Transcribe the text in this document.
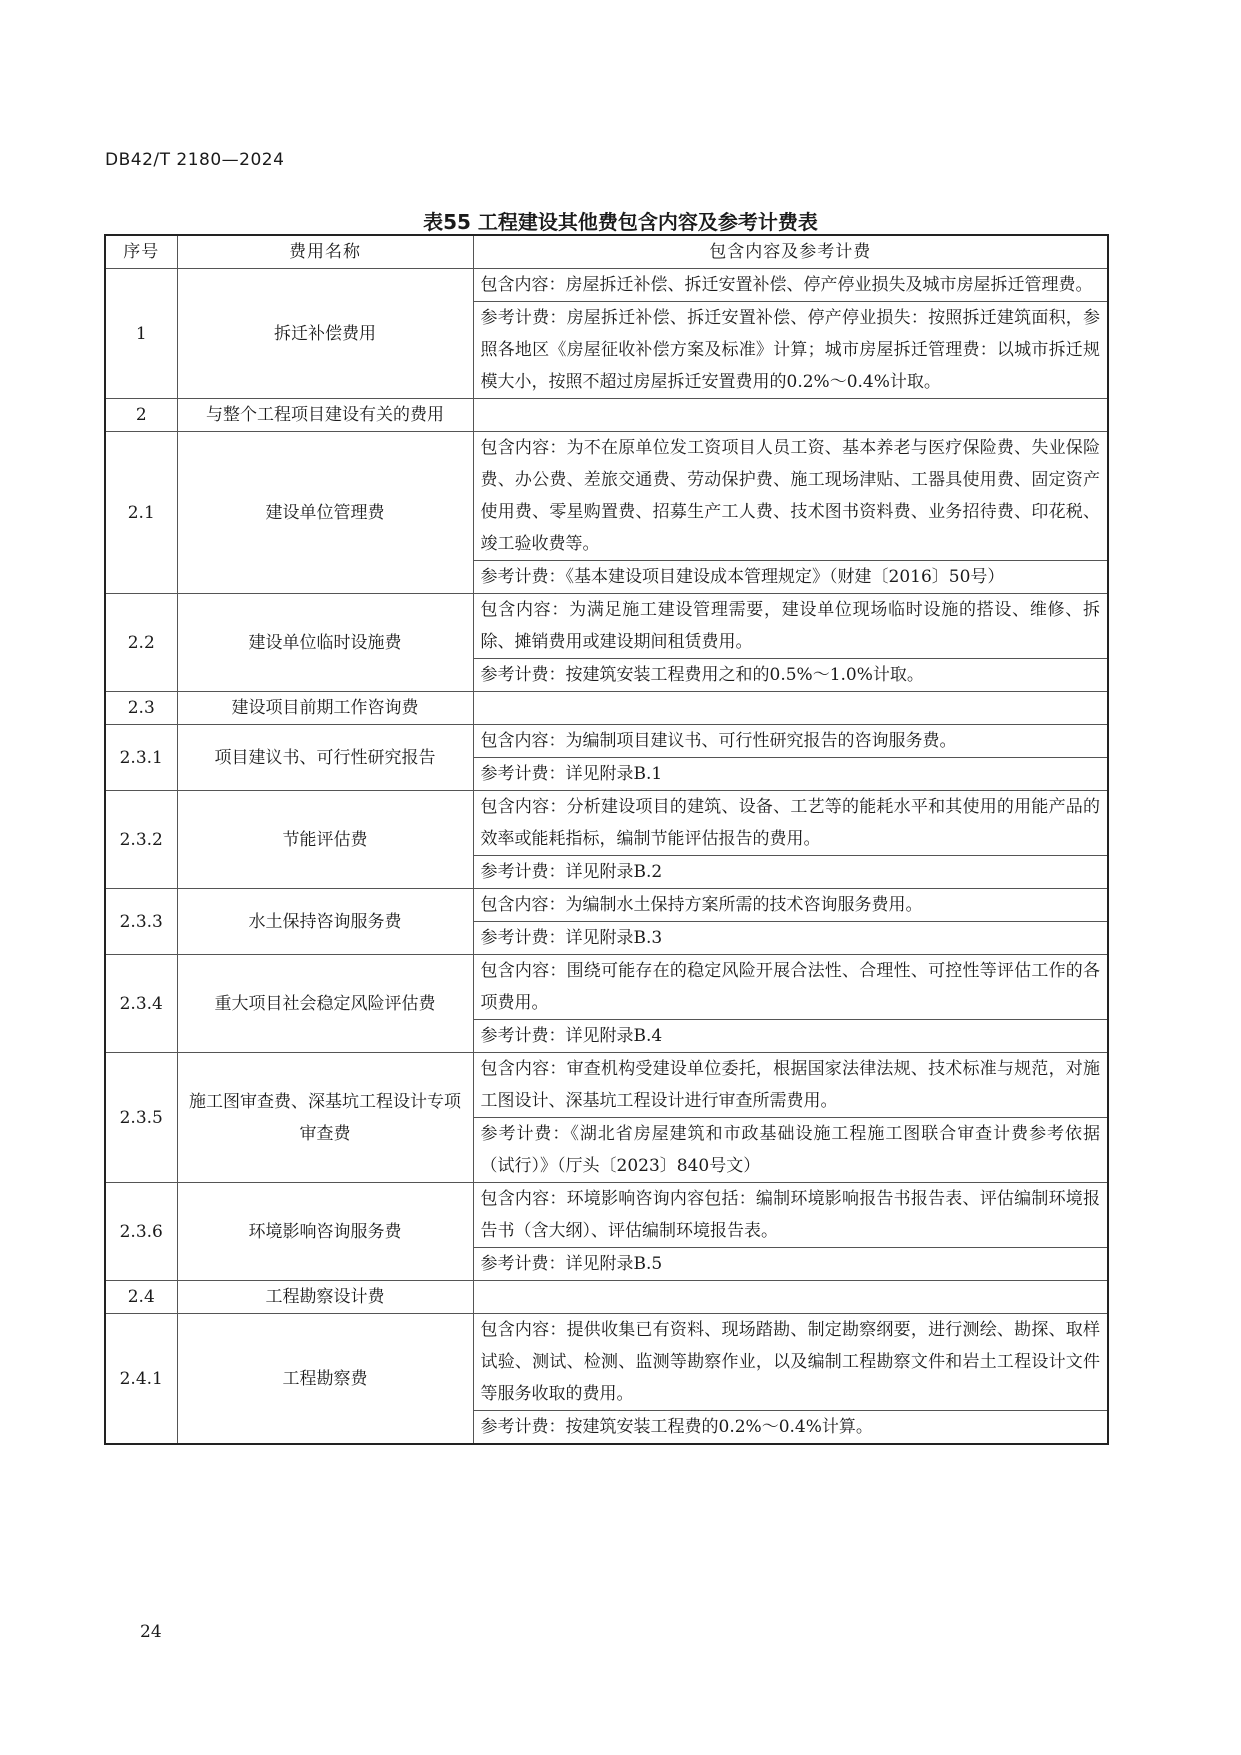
DB42/T 2180—2024
表55 工程建设其他费包含内容及参考计费表
序号	费用名称	包含内容及参考计费
1	拆迁补偿费用	包含内容：房屋拆迁补偿、拆迁安置补偿、停产停业损失及城市房屋拆迁管理费。
		参考计费：房屋拆迁补偿、拆迁安置补偿、停产停业损失：按照拆迁建筑面积，参照各地区《房屋征收补偿方案及标准》计算；城市房屋拆迁管理费：以城市拆迁规模大小，按照不超过房屋拆迁安置费用的0.2%～0.4%计取。
2	与整个工程项目建设有关的费用	
2.1	建设单位管理费	包含内容：为不在原单位发工资项目人员工资、基本养老与医疗保险费、失业保险费、办公费、差旅交通费、劳动保护费、施工现场津贴、工器具使用费、固定资产使用费、零星购置费、招募生产工人费、技术图书资料费、业务招待费、印花税、竣工验收费等。
		参考计费：《基本建设项目建设成本管理规定》（财建〔2016〕50号）
2.2	建设单位临时设施费	包含内容：为满足施工建设管理需要，建设单位现场临时设施的搭设、维修、拆除、摊销费用或建设期间租赁费用。
		参考计费：按建筑安装工程费用之和的0.5%～1.0%计取。
2.3	建设项目前期工作咨询费	
2.3.1	项目建议书、可行性研究报告	包含内容：为编制项目建议书、可行性研究报告的咨询服务费。
		参考计费：详见附录B.1
2.3.2	节能评估费	包含内容：分析建设项目的建筑、设备、工艺等的能耗水平和其使用的用能产品的效率或能耗指标，编制节能评估报告的费用。
		参考计费：详见附录B.2
2.3.3	水土保持咨询服务费	包含内容：为编制水土保持方案所需的技术咨询服务费用。
		参考计费：详见附录B.3
2.3.4	重大项目社会稳定风险评估费	包含内容：围绕可能存在的稳定风险开展合法性、合理性、可控性等评估工作的各项费用。
		参考计费：详见附录B.4
2.3.5	施工图审查费、深基坑工程设计专项审查费	包含内容：审查机构受建设单位委托，根据国家法律法规、技术标准与规范，对施工图设计、深基坑工程设计进行审查所需费用。
		参考计费：《湖北省房屋建筑和市政基础设施工程施工图联合审查计费参考依据（试行）》（厅头〔2023〕840号文）
2.3.6	环境影响咨询服务费	包含内容：环境影响咨询内容包括：编制环境影响报告书报告表、评估编制环境报告书（含大纲）、评估编制环境报告表。
		参考计费：详见附录B.5
2.4	工程勘察设计费	
2.4.1	工程勘察费	包含内容：提供收集已有资料、现场踏勘、制定勘察纲要，进行测绘、勘探、取样试验、测试、检测、监测等勘察作业，以及编制工程勘察文件和岩土工程设计文件等服务收取的费用。
		参考计费：按建筑安装工程费的0.2%～0.4%计算。
24
